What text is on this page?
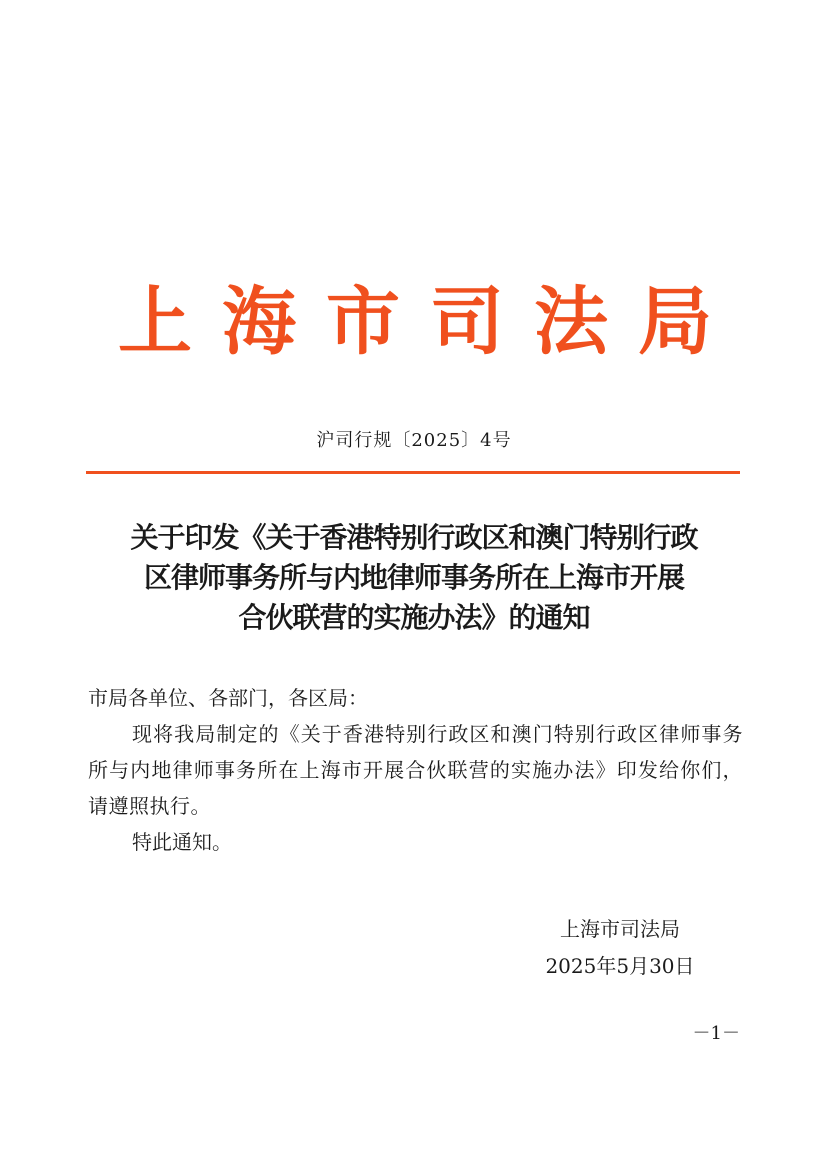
上海市司法局
沪司行规〔2025〕4号
关于印发《关于香港特别行政区和澳门特别行政
区律师事务所与内地律师事务所在上海市开展
合伙联营的实施办法》的通知
市局各单位、各部门，各区局：
现将我局制定的《关于香港特别行政区和澳门特别行政区律师事务所与内地律师事务所在上海市开展合伙联营的实施办法》印发给你们，请遵照执行。
特此通知。
上海市司法局
2025年5月30日
－1－
